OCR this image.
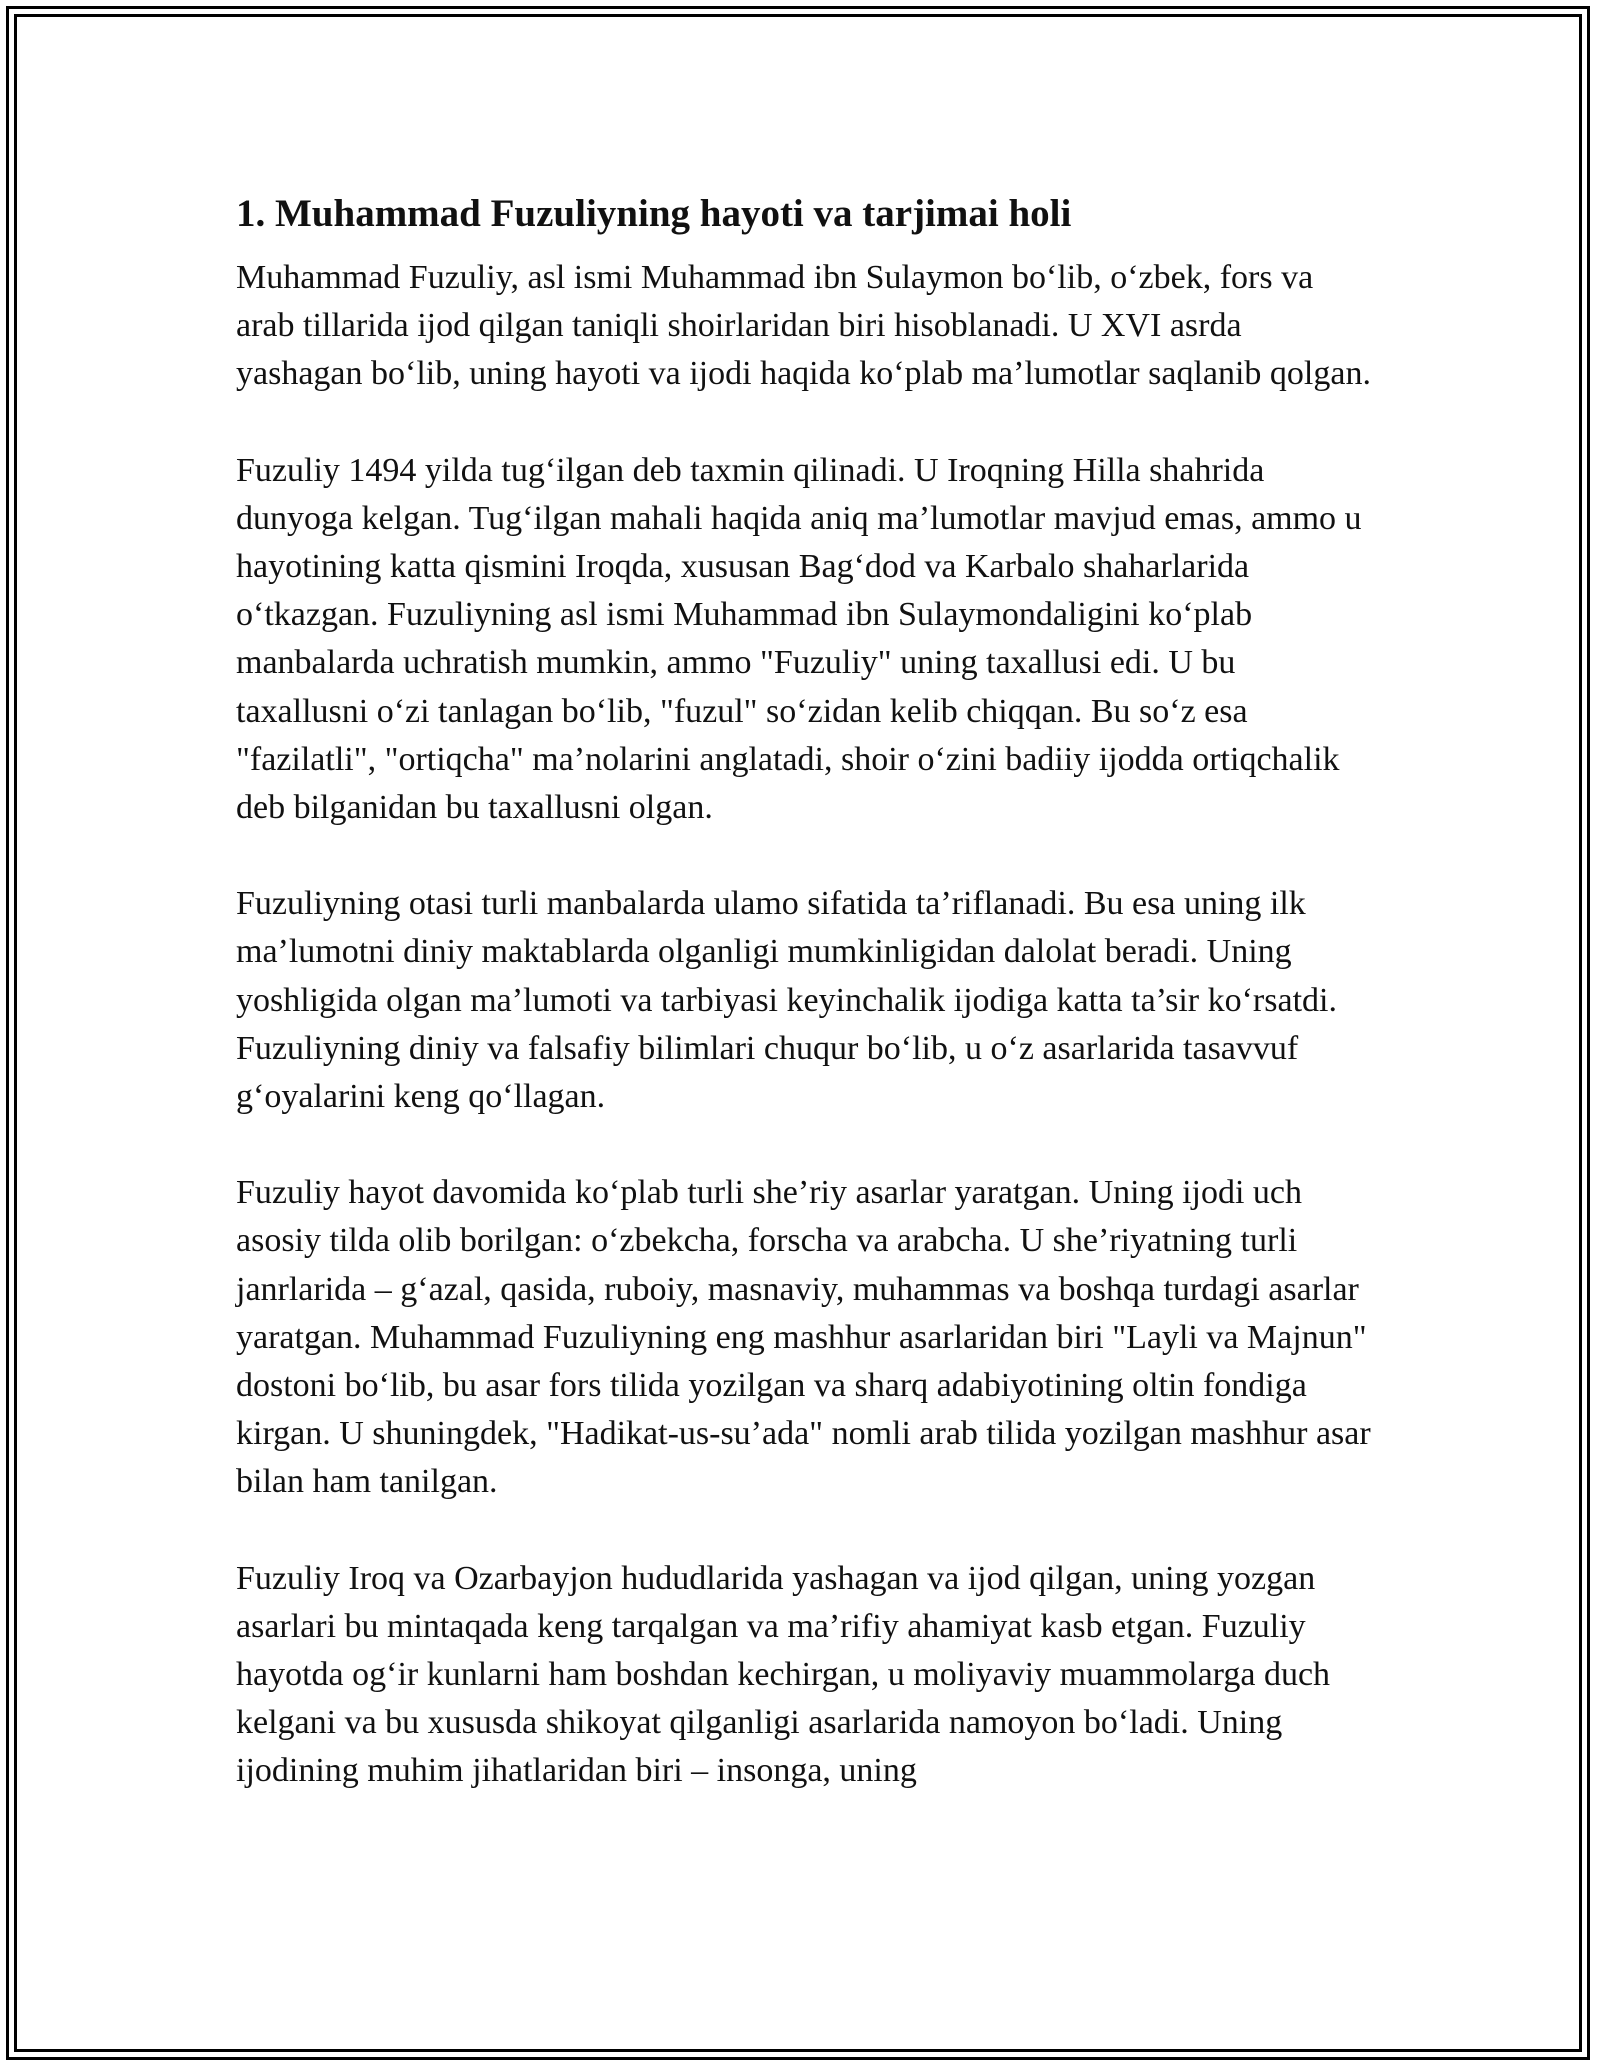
1. Muhammad Fuzuliyning hayoti va tarjimai holi

Muhammad Fuzuliy, asl ismi Muhammad ibn Sulaymon bo‘lib, o‘zbek, fors va arab tillarida ijod qilgan taniqli shoirlaridan biri hisoblanadi. U XVI asrda yashagan bo‘lib, uning hayoti va ijodi haqida ko‘plab ma’lumotlar saqlanib qolgan.

Fuzuliy 1494 yilda tug‘ilgan deb taxmin qilinadi. U Iroqning Hilla shahrida dunyoga kelgan. Tug‘ilgan mahali haqida aniq ma’lumotlar mavjud emas, ammo u hayotining katta qismini Iroqda, xususan Bag‘dod va Karbalo shaharlarida o‘tkazgan. Fuzuliyning asl ismi Muhammad ibn Sulaymondaligini ko‘plab manbalarda uchratish mumkin, ammo "Fuzuliy" uning taxallusi edi. U bu taxallusni o‘zi tanlagan bo‘lib, "fuzul" so‘zidan kelib chiqqan. Bu so‘z esa "fazilatli", "ortiqcha" ma’nolarini anglatadi, shoir o‘zini badiiy ijodda ortiqchalik deb bilganidan bu taxallusni olgan.

Fuzuliyning otasi turli manbalarda ulamo sifatida ta’riflanadi. Bu esa uning ilk ma’lumotni diniy maktablarda olganligi mumkinligidan dalolat beradi. Uning yoshligida olgan ma’lumoti va tarbiyasi keyinchalik ijodiga katta ta’sir ko‘rsatdi. Fuzuliyning diniy va falsafiy bilimlari chuqur bo‘lib, u o‘z asarlarida tasavvuf g‘oyalarini keng qo‘llagan.

Fuzuliy hayot davomida ko‘plab turli she’riy asarlar yaratgan. Uning ijodi uch asosiy tilda olib borilgan: o‘zbekcha, forscha va arabcha. U she’riyatning turli janrlarida – g‘azal, qasida, ruboiy, masnaviy, muhammas va boshqa turdagi asarlar yaratgan. Muhammad Fuzuliyning eng mashhur asarlaridan biri "Layli va Majnun" dostoni bo‘lib, bu asar fors tilida yozilgan va sharq adabiyotining oltin fondiga kirgan. U shuningdek, "Hadikat-us-su’ada" nomli arab tilida yozilgan mashhur asar bilan ham tanilgan.

Fuzuliy Iroq va Ozarbayjon hududlarida yashagan va ijod qilgan, uning yozgan asarlari bu mintaqada keng tarqalgan va ma’rifiy ahamiyat kasb etgan. Fuzuliy hayotda og‘ir kunlarni ham boshdan kechirgan, u moliyaviy muammolarga duch kelgani va bu xususda shikoyat qilganligi asarlarida namoyon bo‘ladi. Uning ijodining muhim jihatlaridan biri – insonga, uning
